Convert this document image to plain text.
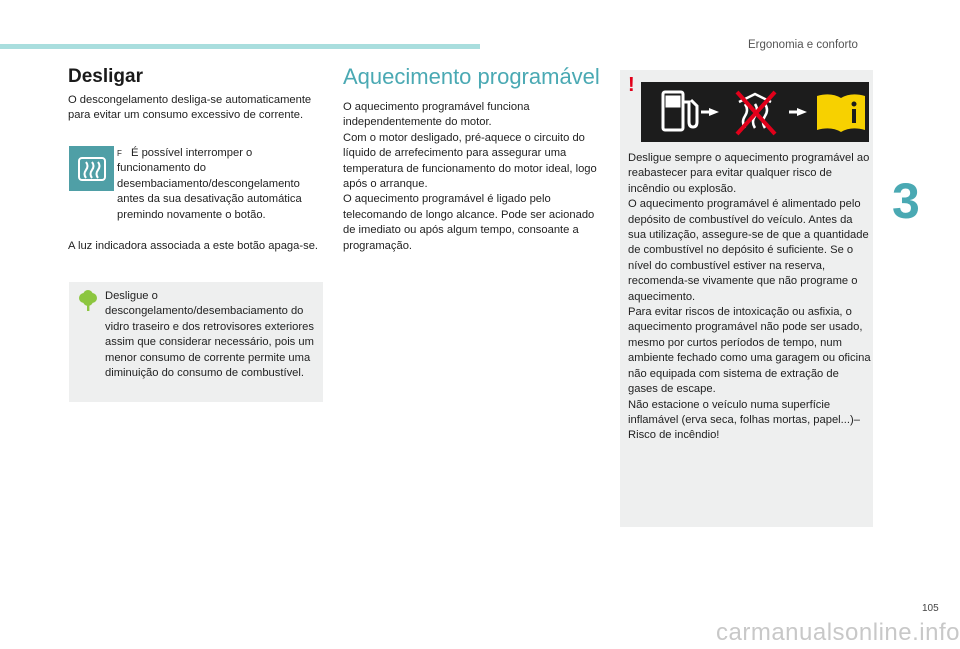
Ergonomia e conforto
3
Desligar

O descongelamento desliga-se automaticamente para evitar um consumo excessivo de corrente.

F É possível interromper o funcionamento do desembaciamento/descongelamento antes da sua desativação automática premindo novamente o botão.

A luz indicadora associada a este botão apaga-se.

Desligue o descongelamento/desembaciamento do vidro traseiro e dos retrovisores exteriores assim que considerar necessário, pois um menor consumo de corrente permite uma diminuição do consumo de combustível.

Aquecimento programável

O aquecimento programável funciona independentemente do motor.
Com o motor desligado, pré-aquece o circuito do líquido de arrefecimento para assegurar uma temperatura de funcionamento do motor ideal, logo após o arranque.
O aquecimento programável é ligado pelo telecomando de longo alcance. Pode ser acionado de imediato ou após algum tempo, consoante a programação.

!

Desligue sempre o aquecimento programável ao reabastecer para evitar qualquer risco de incêndio ou explosão.
O aquecimento programável é alimentado pelo depósito de combustível do veículo. Antes da sua utilização, assegure-se de que a quantidade de combustível no depósito é suficiente. Se o nível do combustível estiver na reserva, recomenda-se vivamente que não programe o aquecimento.
Para evitar riscos de intoxicação ou asfixia, o aquecimento programável não pode ser usado, mesmo por curtos períodos de tempo, num ambiente fechado como uma garagem ou oficina não equipada com sistema de extração de gases de escape.
Não estacione o veículo numa superfície inflamável (erva seca, folhas mortas, papel...)– Risco de incêndio!

105
carmanualsonline.info
